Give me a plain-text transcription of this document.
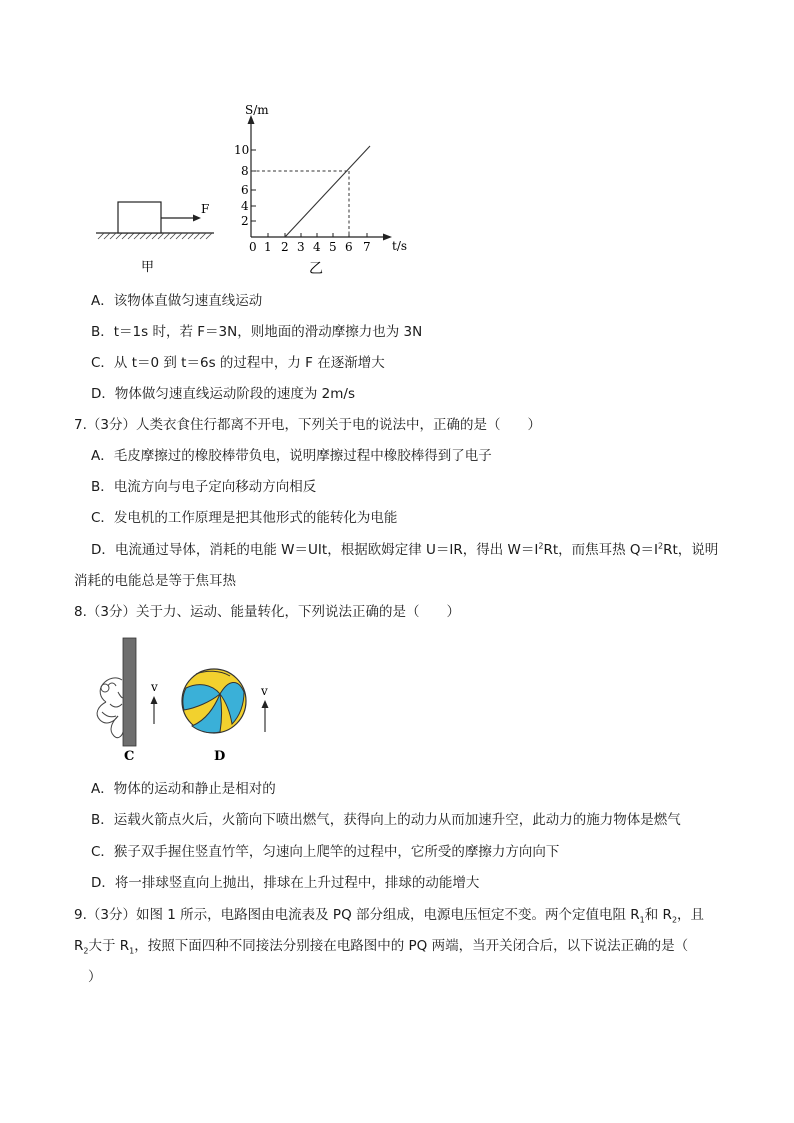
F
甲
S/m
t/s
2
4
6
8
10
0 1 2 3 4 5 6 7
乙
A．该物体直做匀速直线运动
B．t＝1s 时，若 F＝3N，则地面的滑动摩擦力也为 3N
C．从 t＝0 到 t＝6s 的过程中，力 F 在逐渐增大
D．物体做匀速直线运动阶段的速度为 2m/s
7.（3分）人类衣食住行都离不开电，下列关于电的说法中，正确的是（　　）
A．毛皮摩擦过的橡胶棒带负电，说明摩擦过程中橡胶棒得到了电子
B．电流方向与电子定向移动方向相反
C．发电机的工作原理是把其他形式的能转化为电能
D．电流通过导体，消耗的电能 W＝UIt，根据欧姆定律 U＝IR，得出 $W=I^2Rt$，而焦耳热 $Q=I^2Rt$，说明
消耗的电能总是等于焦耳热
8.（3分）关于力、运动、能量转化，下列说法正确的是（　　）
v
C
v
D
A．物体的运动和静止是相对的
B．运载火箭点火后，火箭向下喷出燃气，获得向上的动力从而加速升空，此动力的施力物体是燃气
C．猴子双手握住竖直竹竿，匀速向上爬竿的过程中，它所受的摩擦力方向向下
D．将一排球竖直向上抛出，排球在上升过程中，排球的动能增大
9.（3分）如图 1 所示，电路图由电流表及 PQ 部分组成，电源电压恒定不变。两个定值电阻 $R_1$和 $R_2$，且
$R_2$大于 $R_1$，按照下面四种不同接法分别接在电路图中的 PQ 两端，当开关闭合后，以下说法正确的是（
）
